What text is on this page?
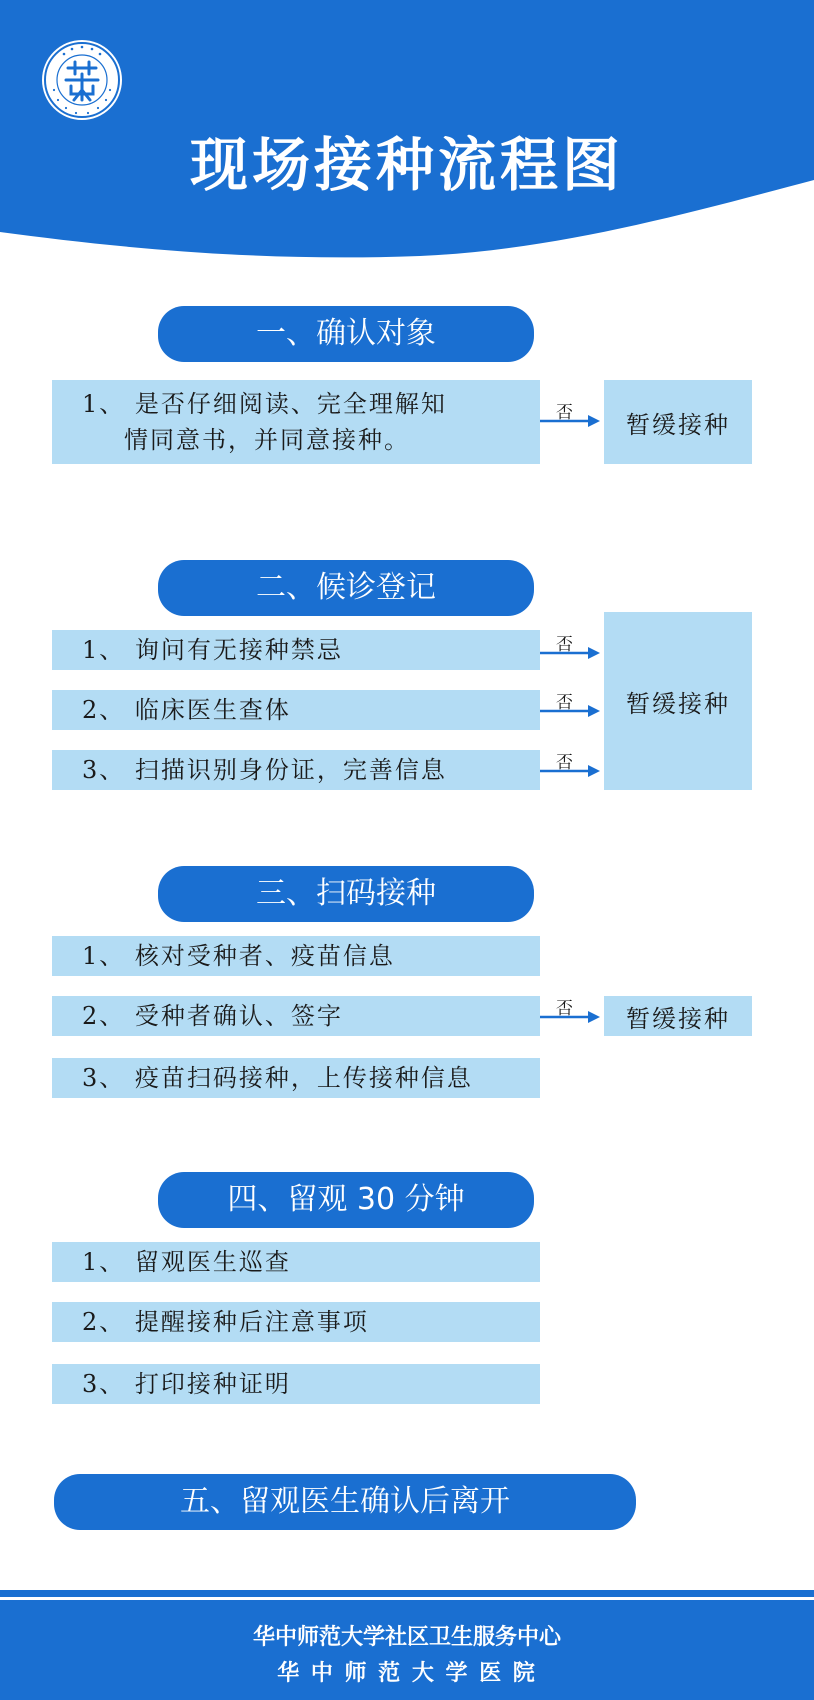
现场接种流程图
一、确认对象
1、 是否仔细阅读、完全理解知
情同意书，并同意接种。
否	暂缓接种
二、候诊登记
1、 询问有无接种禁忌
2、 临床医生查体
3、 扫描识别身份证，完善信息
否
否
否
暂缓接种
三、扫码接种
1、 核对受种者、疫苗信息
2、 受种者确认、签字
3、 疫苗扫码接种，上传接种信息
否	暂缓接种
四、留观 30 分钟
1、 留观医生巡查
2、 提醒接种后注意事项
3、 打印接种证明
五、留观医生确认后离开
华中师范大学社区卫生服务中心
华 中 师 范 大 学 医 院
